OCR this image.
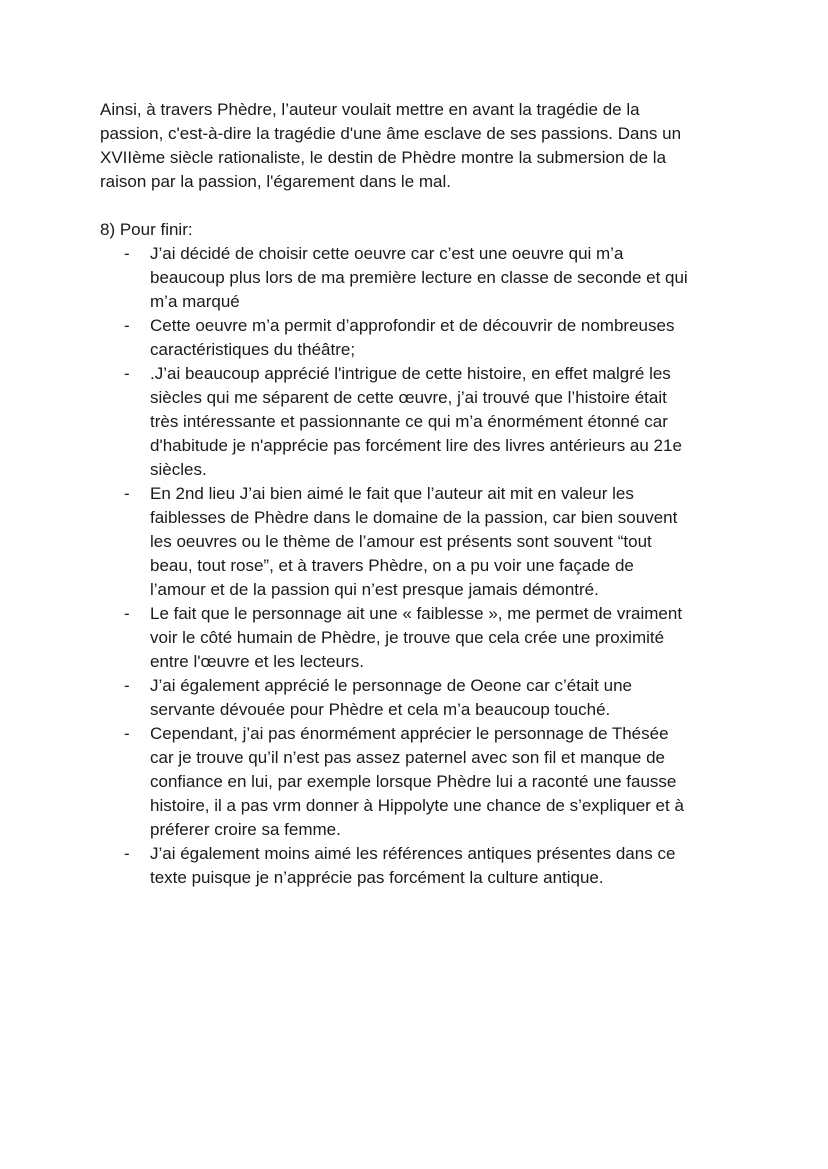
Ainsi, à travers Phèdre, l’auteur voulait mettre en avant la tragédie de la
passion, c'est-à-dire la tragédie d'une âme esclave de ses passions. Dans un
XVIIème siècle rationaliste, le destin de Phèdre montre la submersion de la
raison par la passion, l'égarement dans le mal.
8) Pour finir:
- J’ai décidé de choisir cette oeuvre car c’est une oeuvre qui m’a
beaucoup plus lors de ma première lecture en classe de seconde et qui
m’a marqué
- Cette oeuvre m’a permit d’approfondir et de découvrir de nombreuses
caractéristiques du théâtre;
- .J’ai beaucoup apprécié l'intrigue de cette histoire, en effet malgré les
siècles qui me séparent de cette œuvre, j’ai trouvé que l’histoire était
très intéressante et passionnante ce qui m’a énormément étonné car
d'habitude je n'apprécie pas forcément lire des livres antérieurs au 21e
siècles.
- En 2nd lieu J’ai bien aimé le fait que l’auteur ait mit en valeur les
faiblesses de Phèdre dans le domaine de la passion, car bien souvent
les oeuvres ou le thème de l’amour est présents sont souvent “tout
beau, tout rose”, et à travers Phèdre, on a pu voir une façade de
l’amour et de la passion qui n’est presque jamais démontré.
- Le fait que le personnage ait une « faiblesse », me permet de vraiment
voir le côté humain de Phèdre, je trouve que cela crée une proximité
entre l'œuvre et les lecteurs.
- J’ai également apprécié le personnage de Oeone car c’était une
servante dévouée pour Phèdre et cela m’a beaucoup touché.
- Cependant, j’ai pas énormément apprécier le personnage de Thésée
car je trouve qu’il n’est pas assez paternel avec son fil et manque de
confiance en lui, par exemple lorsque Phèdre lui a raconté une fausse
histoire, il a pas vrm donner à Hippolyte une chance de s’expliquer et à
préferer croire sa femme.
- J’ai également moins aimé les références antiques présentes dans ce
texte puisque je n’apprécie pas forcément la culture antique.
